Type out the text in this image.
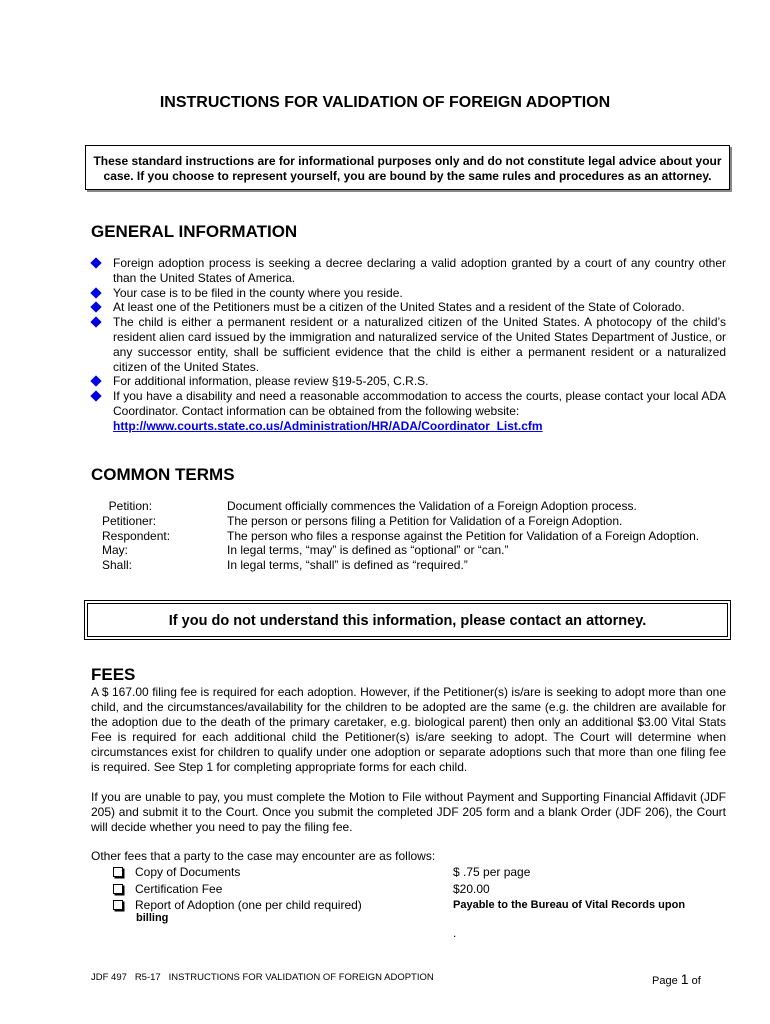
INSTRUCTIONS FOR VALIDATION OF FOREIGN ADOPTION
These standard instructions are for informational purposes only and do not constitute legal advice about your
case. If you choose to represent yourself, you are bound by the same rules and procedures as an attorney.
GENERAL INFORMATION
Foreign adoption process is seeking a decree declaring a valid adoption granted by a court of any country other than the United States of America.
Your case is to be filed in the county where you reside.
At least one of the Petitioners must be a citizen of the United States and a resident of the State of Colorado.
The child is either a permanent resident or a naturalized citizen of the United States. A photocopy of the child’s resident alien card issued by the immigration and naturalized service of the United States Department of Justice, or any successor entity, shall be sufficient evidence that the child is either a permanent resident or a naturalized citizen of the United States.
For additional information, please review §19-5-205, C.R.S.
If you have a disability and need a reasonable accommodation to access the courts, please contact your local ADA Coordinator. Contact information can be obtained from the following website:
http://www.courts.state.co.us/Administration/HR/ADA/Coordinator_List.cfm
COMMON TERMS
Petition:	Document officially commences the Validation of a Foreign Adoption process.
Petitioner:	The person or persons filing a Petition for Validation of a Foreign Adoption.
Respondent:	The person who files a response against the Petition for Validation of a Foreign Adoption.
May:	In legal terms, “may” is defined as “optional” or “can.”
Shall:	In legal terms, “shall” is defined as “required.”
If you do not understand this information, please contact an attorney.
FEES

A $ 167.00 filing fee is required for each adoption. However, if the Petitioner(s) is/are is seeking to adopt more than one child, and the circumstances/availability for the children to be adopted are the same (e.g. the children are available for the adoption due to the death of the primary caretaker, e.g. biological parent) then only an additional $3.00 Vital Stats Fee is required for each additional child the Petitioner(s) is/are seeking to adopt. The Court will determine when circumstances exist for children to qualify under one adoption or separate adoptions such that more than one filing fee is required. See Step 1 for completing appropriate forms for each child.

If you are unable to pay, you must complete the Motion to File without Payment and Supporting Financial Affidavit (JDF 205) and submit it to the Court. Once you submit the completed JDF 205 form and a blank Order (JDF 206), the Court will decide whether you need to pay the filing fee.

Other fees that a party to the case may encounter are as follows:

Copy of Documents	$ .75 per page
Certification Fee	$20.00
Report of Adoption (one per child required)	Payable to the Bureau of Vital Records upon
billing
.
JDF 497   R5-17   INSTRUCTIONS FOR VALIDATION OF FOREIGN ADOPTION	Page 1 of
